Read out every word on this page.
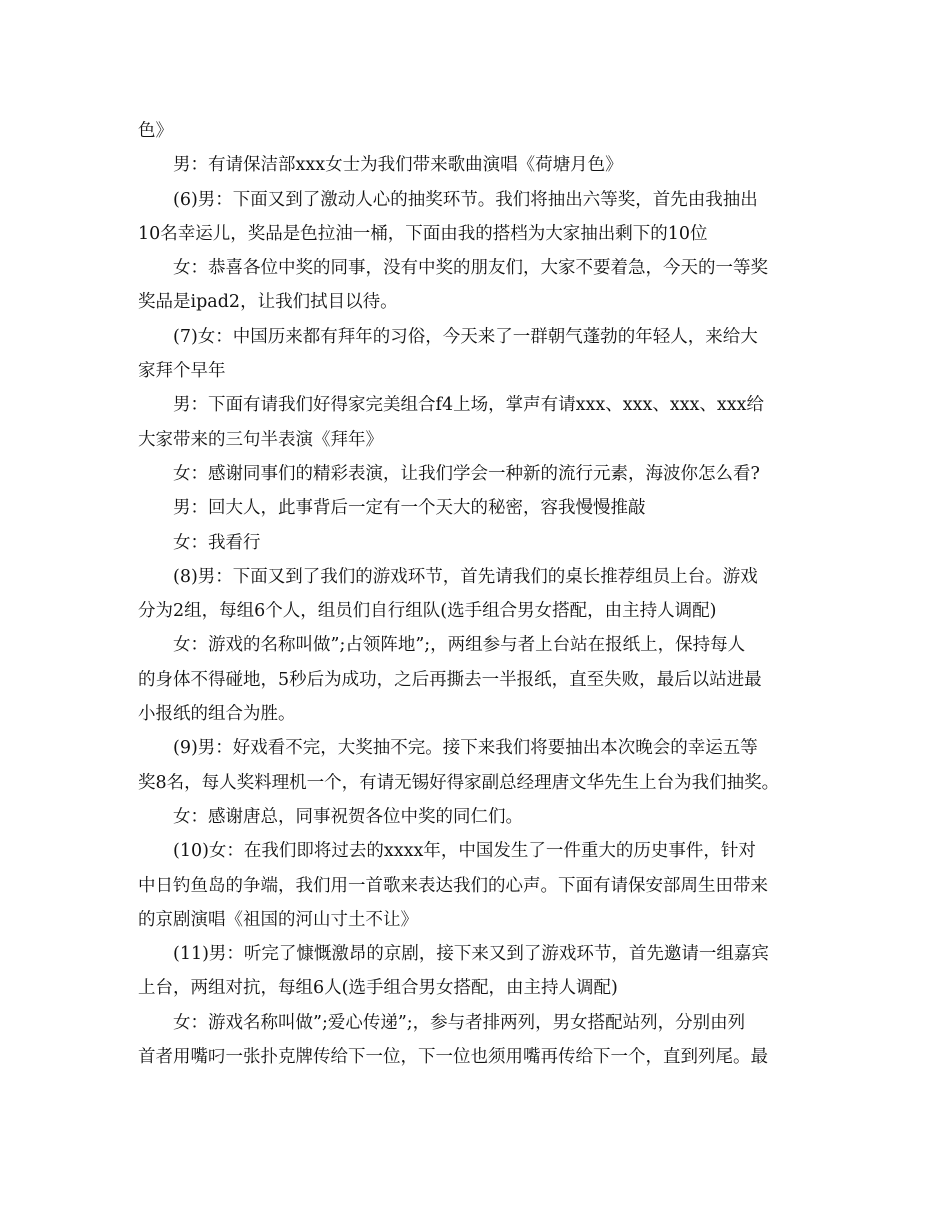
色》
男：有请保洁部xxx女士为我们带来歌曲演唱《荷塘月色》
(6)男：下面又到了激动人心的抽奖环节。我们将抽出六等奖，首先由我抽出
10名幸运儿，奖品是色拉油一桶，下面由我的搭档为大家抽出剩下的10位
女：恭喜各位中奖的同事，没有中奖的朋友们，大家不要着急，今天的一等奖
奖品是ipad2，让我们拭目以待。
(7)女：中国历来都有拜年的习俗，今天来了一群朝气蓬勃的年轻人，来给大
家拜个早年
男：下面有请我们好得家完美组合f4上场，掌声有请xxx、xxx、xxx、xxx给
大家带来的三句半表演《拜年》
女：感谢同事们的精彩表演，让我们学会一种新的流行元素，海波你怎么看?
男：回大人，此事背后一定有一个天大的秘密，容我慢慢推敲
女：我看行
(8)男：下面又到了我们的游戏环节，首先请我们的桌长推荐组员上台。游戏
分为2组，每组6个人，组员们自行组队(选手组合男女搭配，由主持人调配)
女：游戏的名称叫做”;占领阵地”;，两组参与者上台站在报纸上，保持每人
的身体不得碰地，5秒后为成功，之后再撕去一半报纸，直至失败，最后以站进最
小报纸的组合为胜。
(9)男：好戏看不完，大奖抽不完。接下来我们将要抽出本次晚会的幸运五等
奖8名，每人奖料理机一个，有请无锡好得家副总经理唐文华先生上台为我们抽奖。
女：感谢唐总，同事祝贺各位中奖的同仁们。
(10)女：在我们即将过去的xxxx年，中国发生了一件重大的历史事件，针对
中日钓鱼岛的争端，我们用一首歌来表达我们的心声。下面有请保安部周生田带来
的京剧演唱《祖国的河山寸土不让》
(11)男：听完了慷慨激昂的京剧，接下来又到了游戏环节，首先邀请一组嘉宾
上台，两组对抗，每组6人(选手组合男女搭配，由主持人调配)
女：游戏名称叫做”;爱心传递”;，参与者排两列，男女搭配站列，分别由列
首者用嘴叼一张扑克牌传给下一位，下一位也须用嘴再传给下一个，直到列尾。最
